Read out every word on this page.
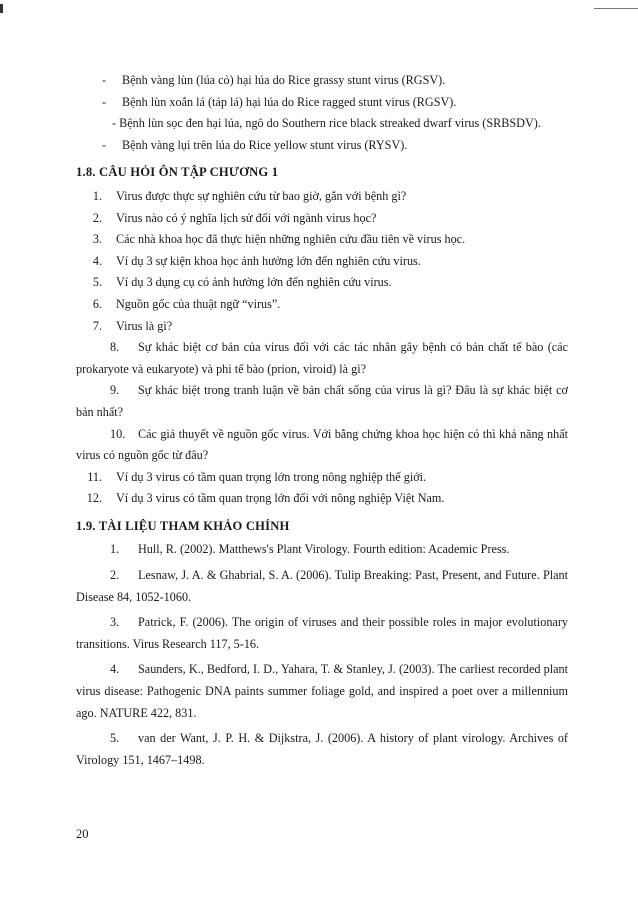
- Bệnh vàng lùn (lúa cỏ) hại lúa do Rice grassy stunt virus (RGSV).
- Bệnh lùn xoắn lá (táp lá) hại lúa do Rice ragged stunt virus (RGSV).
- Bệnh lùn sọc đen hại lúa, ngô do Southern rice black streaked dwarf virus (SRBSDV).
- Bệnh vàng lụi trên lúa do Rice yellow stunt virus (RYSV).
1.8. CÂU HỎI ÔN TẬP CHƯƠNG 1
1.	Virus được thực sự nghiên cứu từ bao giờ, gắn với bệnh gì?
2.	Virus nào có ý nghĩa lịch sử đối với ngành virus học?
3.	Các nhà khoa học đã thực hiện những nghiên cứu đầu tiên về virus học.
4.	Ví dụ 3 sự kiện khoa học ảnh hưởng lớn đến nghiên cứu virus.
5.	Ví dụ 3 dụng cụ có ảnh hưởng lớn đến nghiên cứu virus.
6.	Nguồn gốc của thuật ngữ “virus”.
7.	Virus là gì?
8. Sự khác biệt cơ bản của virus đối với các tác nhân gây bệnh có bản chất tế bào (các prokaryote và eukaryote) và phi tế bào (prion, viroid) là gì?
9. Sự khác biệt trong tranh luận về bản chất sống của virus là gì? Đâu là sự khác biệt cơ bản nhất?
10. Các giả thuyết về nguồn gốc virus. Với bằng chứng khoa học hiện có thì khả năng nhất virus có nguồn gốc từ đâu?
11.	Ví dụ 3 virus có tầm quan trọng lớn trong nông nghiệp thế giới.
12.	Ví dụ 3 virus có tầm quan trọng lớn đối với nông nghiệp Việt Nam.
1.9. TÀI LIỆU THAM KHẢO CHÍNH
1. Hull, R. (2002). Matthews's Plant Virology. Fourth edition: Academic Press.
2. Lesnaw, J. A. & Ghabrial, S. A. (2006). Tulip Breaking: Past, Present, and Future. Plant Disease 84, 1052-1060.
3. Patrick, F. (2006). The origin of viruses and their possible roles in major evolutionary transitions. Virus Research 117, 5-16.
4. Saunders, K., Bedford, I. D., Yahara, T. & Stanley, J. (2003). The carliest recorded plant virus disease: Pathogenic DNA paints summer foliage gold, and inspired a poet over a millennium ago. NATURE 422, 831.
5. van der Want, J. P. H. & Dijkstra, J. (2006). A history of plant virology. Archives of Virology 151, 1467–1498.
20
